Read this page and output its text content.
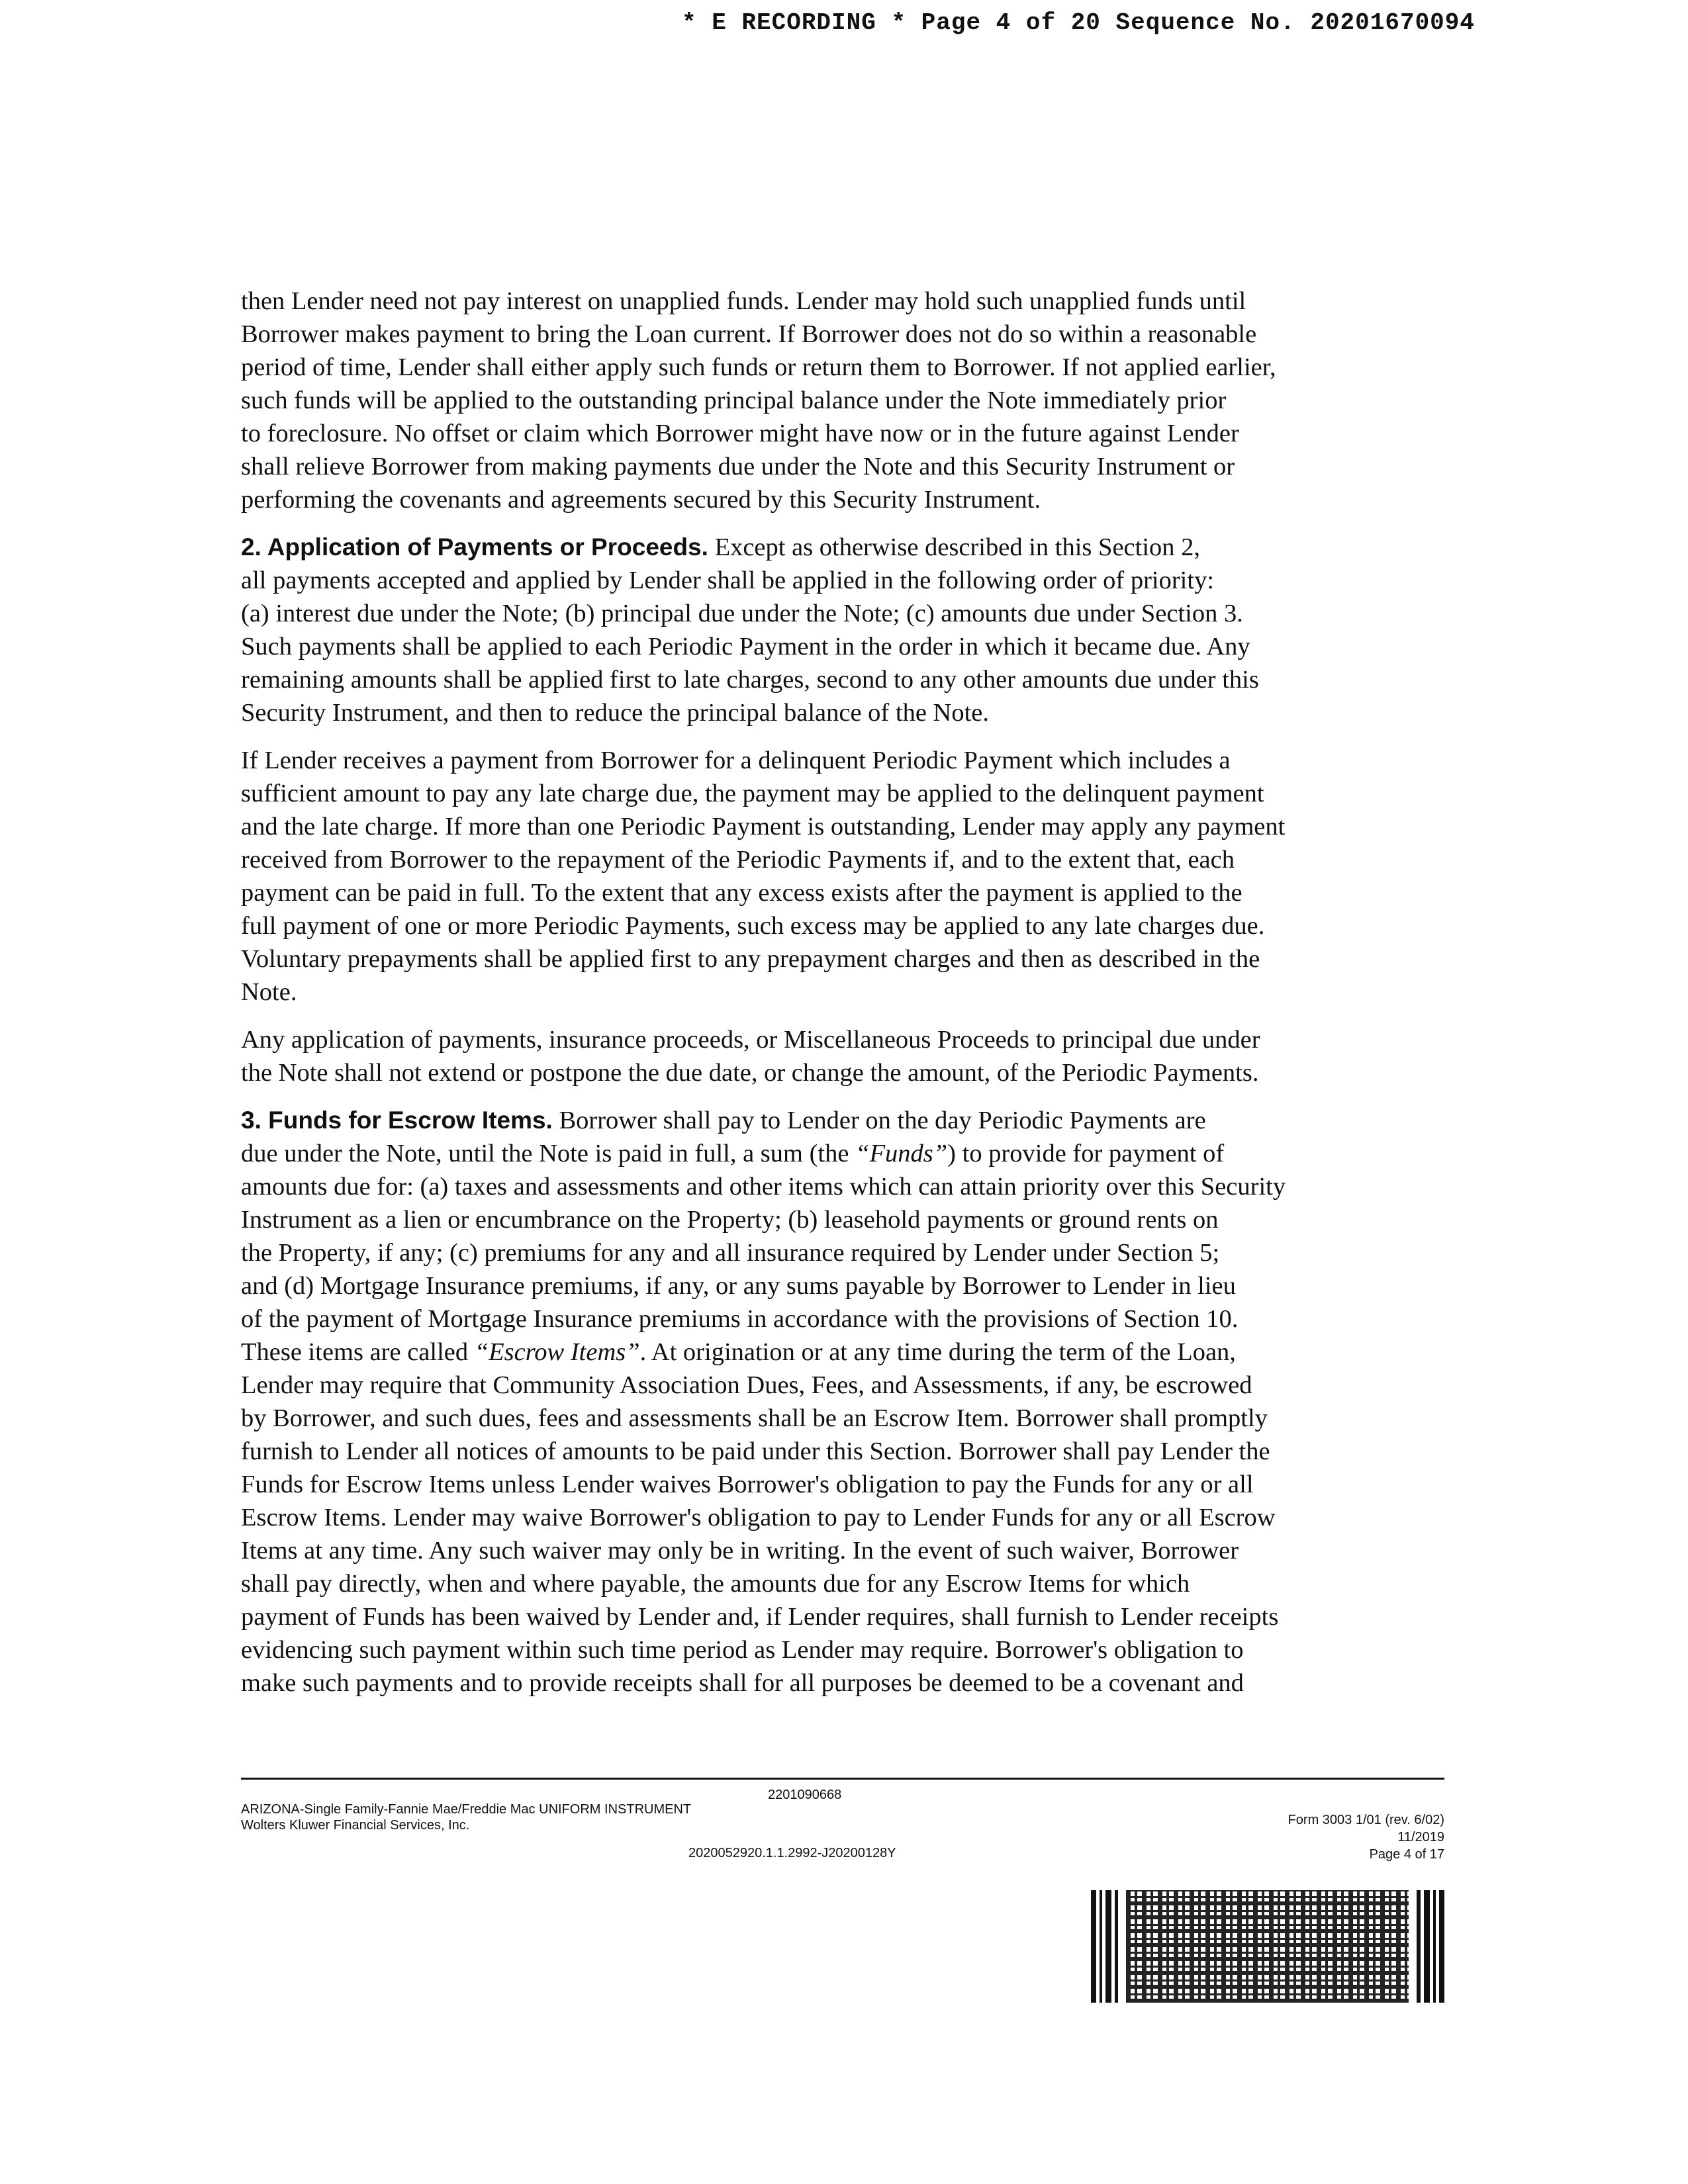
* E RECORDING * Page 4 of 20 Sequence No. 20201670094

then Lender need not pay interest on unapplied funds. Lender may hold such unapplied funds until
Borrower makes payment to bring the Loan current. If Borrower does not do so within a reasonable
period of time, Lender shall either apply such funds or return them to Borrower. If not applied earlier,
such funds will be applied to the outstanding principal balance under the Note immediately prior
to foreclosure. No offset or claim which Borrower might have now or in the future against Lender
shall relieve Borrower from making payments due under the Note and this Security Instrument or
performing the covenants and agreements secured by this Security Instrument.

2. Application of Payments or Proceeds. Except as otherwise described in this Section 2,
all payments accepted and applied by Lender shall be applied in the following order of priority:
(a) interest due under the Note; (b) principal due under the Note; (c) amounts due under Section 3.
Such payments shall be applied to each Periodic Payment in the order in which it became due. Any
remaining amounts shall be applied first to late charges, second to any other amounts due under this
Security Instrument, and then to reduce the principal balance of the Note.

If Lender receives a payment from Borrower for a delinquent Periodic Payment which includes a
sufficient amount to pay any late charge due, the payment may be applied to the delinquent payment
and the late charge. If more than one Periodic Payment is outstanding, Lender may apply any payment
received from Borrower to the repayment of the Periodic Payments if, and to the extent that, each
payment can be paid in full. To the extent that any excess exists after the payment is applied to the
full payment of one or more Periodic Payments, such excess may be applied to any late charges due.
Voluntary prepayments shall be applied first to any prepayment charges and then as described in the
Note.

Any application of payments, insurance proceeds, or Miscellaneous Proceeds to principal due under
the Note shall not extend or postpone the due date, or change the amount, of the Periodic Payments.

3. Funds for Escrow Items. Borrower shall pay to Lender on the day Periodic Payments are
due under the Note, until the Note is paid in full, a sum (the “Funds”) to provide for payment of
amounts due for: (a) taxes and assessments and other items which can attain priority over this Security
Instrument as a lien or encumbrance on the Property; (b) leasehold payments or ground rents on
the Property, if any; (c) premiums for any and all insurance required by Lender under Section 5;
and (d) Mortgage Insurance premiums, if any, or any sums payable by Borrower to Lender in lieu
of the payment of Mortgage Insurance premiums in accordance with the provisions of Section 10.
These items are called “Escrow Items”. At origination or at any time during the term of the Loan,
Lender may require that Community Association Dues, Fees, and Assessments, if any, be escrowed
by Borrower, and such dues, fees and assessments shall be an Escrow Item. Borrower shall promptly
furnish to Lender all notices of amounts to be paid under this Section. Borrower shall pay Lender the
Funds for Escrow Items unless Lender waives Borrower's obligation to pay the Funds for any or all
Escrow Items. Lender may waive Borrower's obligation to pay to Lender Funds for any or all Escrow
Items at any time. Any such waiver may only be in writing. In the event of such waiver, Borrower
shall pay directly, when and where payable, the amounts due for any Escrow Items for which
payment of Funds has been waived by Lender and, if Lender requires, shall furnish to Lender receipts
evidencing such payment within such time period as Lender may require. Borrower's obligation to
make such payments and to provide receipts shall for all purposes be deemed to be a covenant and

2201090668
ARIZONA-Single Family-Fannie Mae/Freddie Mac UNIFORM INSTRUMENT
Wolters Kluwer Financial Services, Inc.
2020052920.1.1.2992-J20200128Y
Form 3003 1/01 (rev. 6/02)
11/2019
Page 4 of 17
